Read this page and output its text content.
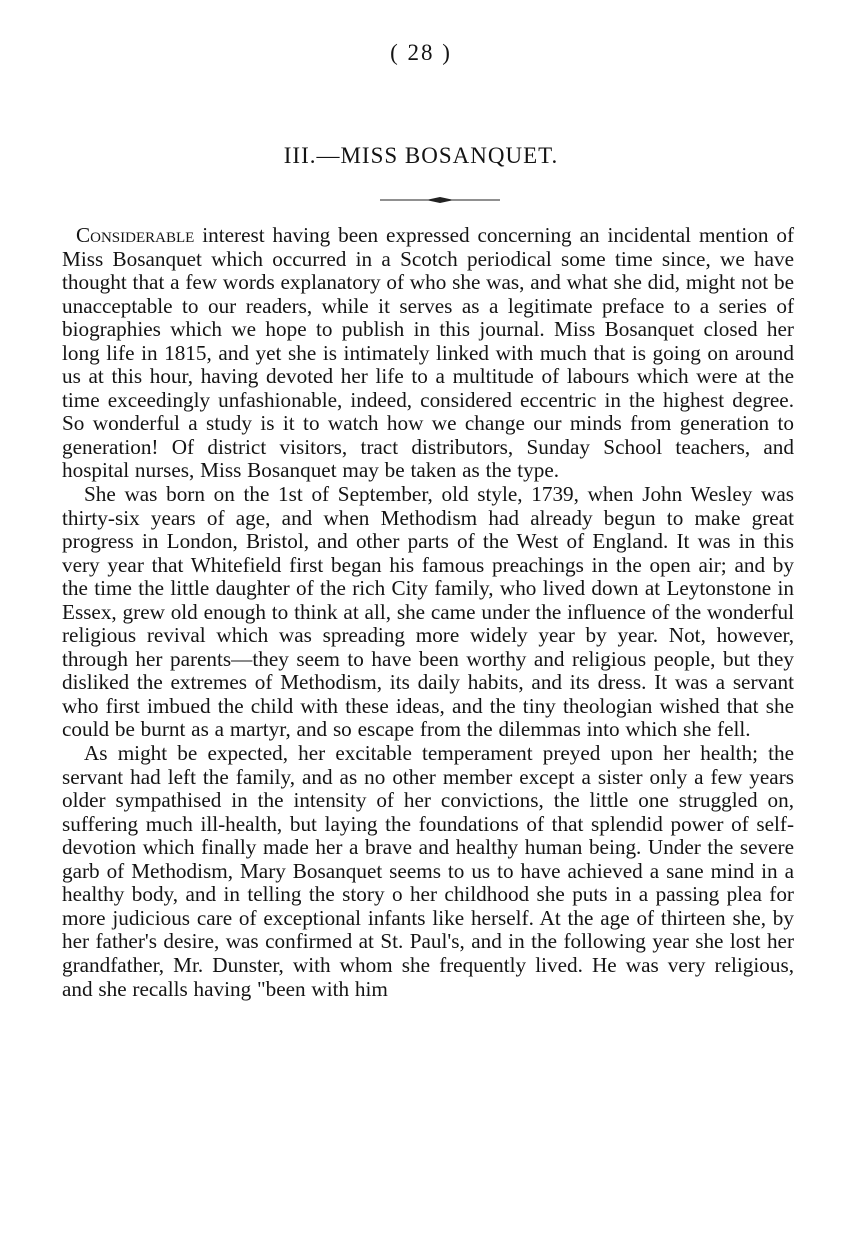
( 28 )
III.—MISS BOSANQUET.

Considerable interest having been expressed concerning an incidental mention of Miss Bosanquet which occurred in a Scotch periodical some time since, we have thought that a few words explanatory of who she was, and what she did, might not be unacceptable to our readers, while it serves as a legitimate preface to a series of biographies which we hope to publish in this journal. Miss Bosanquet closed her long life in 1815, and yet she is intimately linked with much that is going on around us at this hour, having devoted her life to a multitude of labours which were at the time exceedingly unfashionable, indeed, considered eccentric in the highest degree. So wonderful a study is it to watch how we change our minds from generation to generation! Of district visitors, tract distributors, Sunday School teachers, and hospital nurses, Miss Bosanquet may be taken as the type.

She was born on the 1st of September, old style, 1739, when John Wesley was thirty-six years of age, and when Methodism had already begun to make great progress in London, Bristol, and other parts of the West of England. It was in this very year that Whitefield first began his famous preachings in the open air; and by the time the little daughter of the rich City family, who lived down at Leytonstone in Essex, grew old enough to think at all, she came under the influence of the wonderful religious revival which was spreading more widely year by year. Not, however, through her parents—they seem to have been worthy and religious people, but they disliked the extremes of Methodism, its daily habits, and its dress. It was a servant who first imbued the child with these ideas, and the tiny theologian wished that she could be burnt as a martyr, and so escape from the dilemmas into which she fell.

As might be expected, her excitable temperament preyed upon her health; the servant had left the family, and as no other member except a sister only a few years older sympathised in the intensity of her convictions, the little one struggled on, suffering much ill-health, but laying the foundations of that splendid power of self-devotion which finally made her a brave and healthy human being. Under the severe garb of Methodism, Mary Bosanquet seems to us to have achieved a sane mind in a healthy body, and in telling the story o her childhood she puts in a passing plea for more judicious care of exceptional infants like herself. At the age of thirteen she, by her father's desire, was confirmed at St. Paul's, and in the following year she lost her grandfather, Mr. Dunster, with whom she frequently lived. He was very religious, and she recalls having "been with him
